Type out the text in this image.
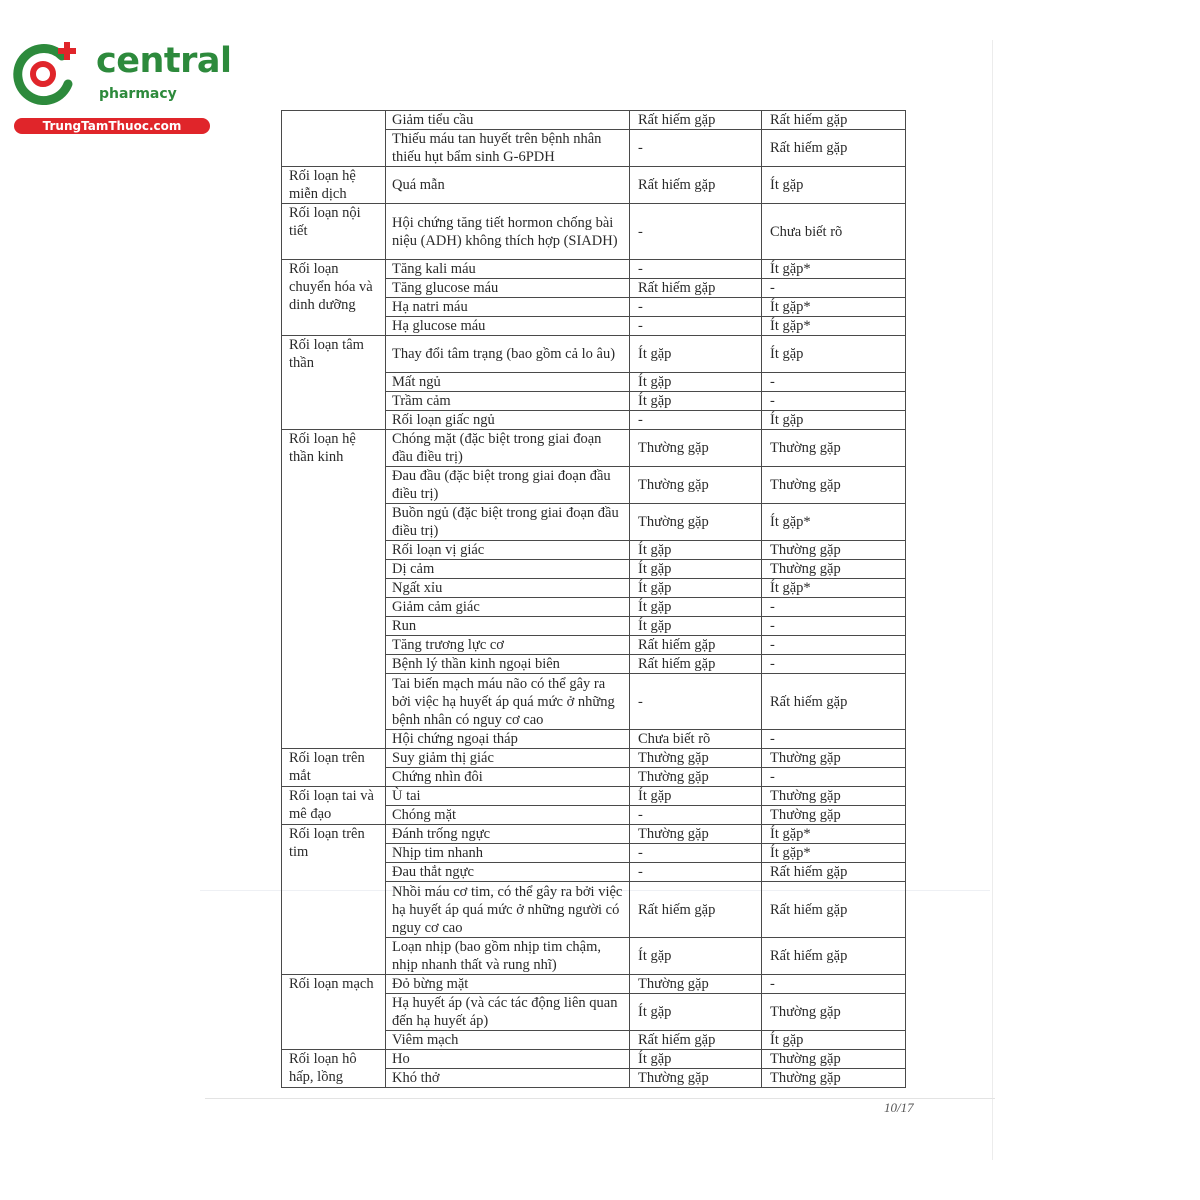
central
pharmacy
TrungTamThuoc.com
		Giảm tiểu cầu	Rất hiếm gặp	Rất hiếm gặp
	Thiếu máu tan huyết trên bệnh nhân thiếu hụt bẩm sinh G-6PDH	-	Rất hiếm gặp
Rối loạn hệ miễn dịch	Quá mẫn	Rất hiếm gặp	Ít gặp
Rối loạn nội tiết	Hội chứng tăng tiết hormon chống bài niệu (ADH) không thích hợp (SIADH)	-	Chưa biết rõ
Rối loạn chuyển hóa và dinh dưỡng	Tăng kali máu	-	Ít gặp*
	Tăng glucose máu	Rất hiếm gặp	-
	Hạ natri máu	-	Ít gặp*
	Hạ glucose máu	-	Ít gặp*
Rối loạn tâm thần	Thay đổi tâm trạng (bao gồm cả lo âu)	Ít gặp	Ít gặp
	Mất ngủ	Ít gặp	-
	Trầm cảm	Ít gặp	-
	Rối loạn giấc ngủ	-	Ít gặp
Rối loạn hệ thần kinh	Chóng mặt (đặc biệt trong giai đoạn đầu điều trị)	Thường gặp	Thường gặp
	Đau đầu (đặc biệt trong giai đoạn đầu điều trị)	Thường gặp	Thường gặp
	Buồn ngủ (đặc biệt trong giai đoạn đầu điều trị)	Thường gặp	Ít gặp*
	Rối loạn vị giác	Ít gặp	Thường gặp
	Dị cảm	Ít gặp	Thường gặp
	Ngất xỉu	Ít gặp	Ít gặp*
	Giảm cảm giác	Ít gặp	-
	Run	Ít gặp	-
	Tăng trương lực cơ	Rất hiếm gặp	-
	Bệnh lý thần kinh ngoại biên	Rất hiếm gặp	-
	Tai biến mạch máu não có thể gây ra bởi việc hạ huyết áp quá mức ở những bệnh nhân có nguy cơ cao	-	Rất hiếm gặp
	Hội chứng ngoại tháp	Chưa biết rõ	-
Rối loạn trên mắt	Suy giảm thị giác	Thường gặp	Thường gặp
	Chứng nhìn đôi	Thường gặp	-
Rối loạn tai và mê đạo	Ù tai	Ít gặp	Thường gặp
	Chóng mặt	-	Thường gặp
Rối loạn trên tim	Đánh trống ngực	Thường gặp	Ít gặp*
	Nhịp tim nhanh	-	Ít gặp*
	Đau thắt ngực	-	Rất hiếm gặp
	Nhồi máu cơ tim, có thể gây ra bởi việc hạ huyết áp quá mức ở những người có nguy cơ cao	Rất hiếm gặp	Rất hiếm gặp
	Loạn nhịp (bao gồm nhịp tim chậm, nhịp nhanh thất và rung nhĩ)	Ít gặp	Rất hiếm gặp
Rối loạn mạch	Đỏ bừng mặt	Thường gặp	-
	Hạ huyết áp (và các tác động liên quan đến hạ huyết áp)	Ít gặp	Thường gặp
	Viêm mạch	Rất hiếm gặp	Ít gặp
Rối loạn hô hấp, lồng	Ho	Ít gặp	Thường gặp
	Khó thở	Thường gặp	Thường gặp
10/17
